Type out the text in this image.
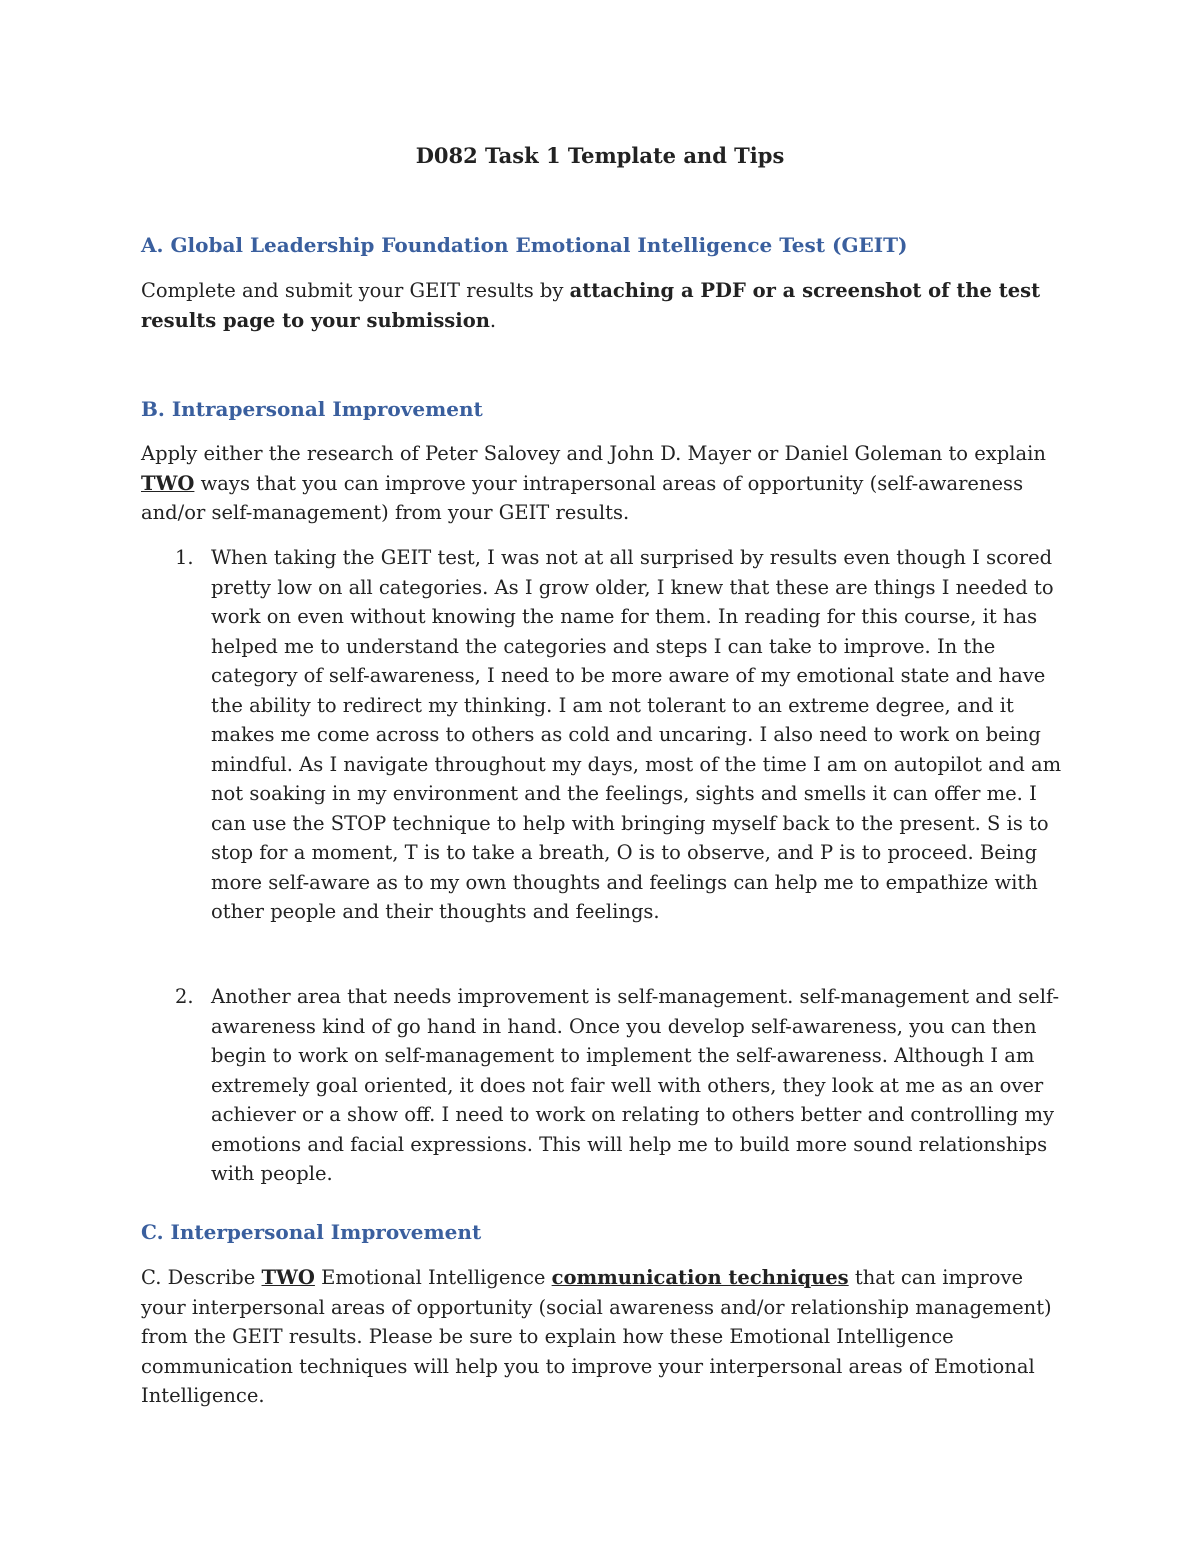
D082 Task 1 Template and Tips
A. Global Leadership Foundation Emotional Intelligence Test (GEIT)
Complete and submit your GEIT results by attaching a PDF or a screenshot of the test results page to your submission.
B. Intrapersonal Improvement
Apply either the research of Peter Salovey and John D. Mayer or Daniel Goleman to explain TWO ways that you can improve your intrapersonal areas of opportunity (self-awareness and/or self-management) from your GEIT results.
1. When taking the GEIT test, I was not at all surprised by results even though I scored pretty low on all categories. As I grow older, I knew that these are things I needed to work on even without knowing the name for them. In reading for this course, it has helped me to understand the categories and steps I can take to improve. In the category of self-awareness, I need to be more aware of my emotional state and have the ability to redirect my thinking. I am not tolerant to an extreme degree, and it makes me come across to others as cold and uncaring. I also need to work on being mindful. As I navigate throughout my days, most of the time I am on autopilot and am not soaking in my environment and the feelings, sights and smells it can offer me. I can use the STOP technique to help with bringing myself back to the present. S is to stop for a moment, T is to take a breath, O is to observe, and P is to proceed. Being more self-aware as to my own thoughts and feelings can help me to empathize with other people and their thoughts and feelings.
2. Another area that needs improvement is self-management. self-management and self-awareness kind of go hand in hand. Once you develop self-awareness, you can then begin to work on self-management to implement the self-awareness. Although I am extremely goal oriented, it does not fair well with others, they look at me as an over achiever or a show off. I need to work on relating to others better and controlling my emotions and facial expressions. This will help me to build more sound relationships with people.
C. Interpersonal Improvement
C. Describe TWO Emotional Intelligence communication techniques that can improve your interpersonal areas of opportunity (social awareness and/or relationship management) from the GEIT results. Please be sure to explain how these Emotional Intelligence communication techniques will help you to improve your interpersonal areas of Emotional Intelligence.
